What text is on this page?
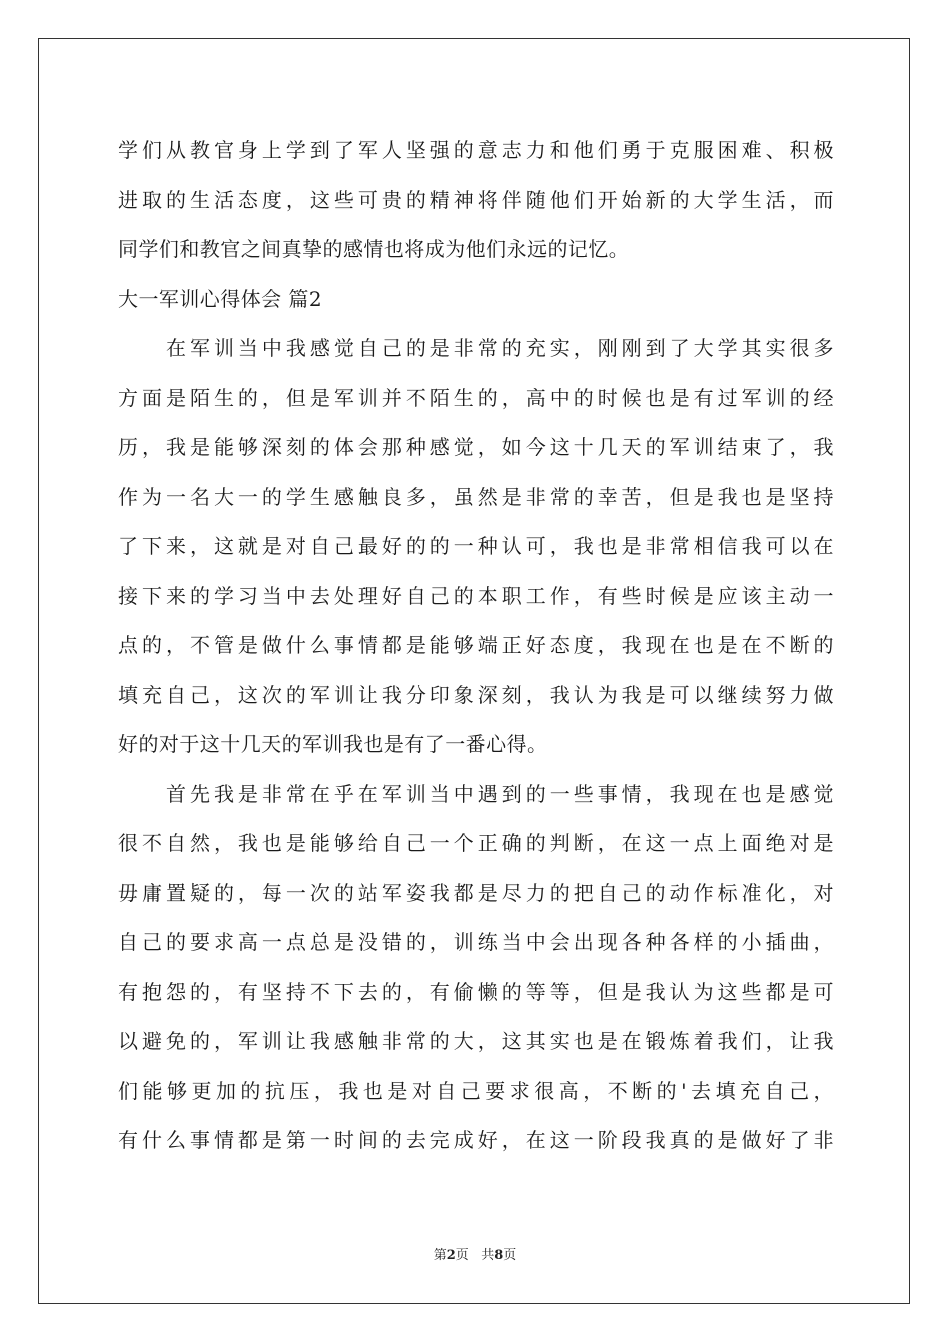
学们从教官身上学到了军人坚强的意志力和他们勇于克服困难、积极
进取的生活态度，这些可贵的精神将伴随他们开始新的大学生活，而
同学们和教官之间真挚的感情也将成为他们永远的记忆。
大一军训心得体会 篇2
　　在军训当中我感觉自己的是非常的充实，刚刚到了大学其实很多
方面是陌生的，但是军训并不陌生的，高中的时候也是有过军训的经
历，我是能够深刻的体会那种感觉，如今这十几天的军训结束了，我
作为一名大一的学生感触良多，虽然是非常的幸苦，但是我也是坚持
了下来，这就是对自己最好的的一种认可，我也是非常相信我可以在
接下来的学习当中去处理好自己的本职工作，有些时候是应该主动一
点的，不管是做什么事情都是能够端正好态度，我现在也是在不断的
填充自己，这次的军训让我分印象深刻，我认为我是可以继续努力做
好的对于这十几天的军训我也是有了一番心得。
　　首先我是非常在乎在军训当中遇到的一些事情，我现在也是感觉
很不自然，我也是能够给自己一个正确的判断，在这一点上面绝对是
毋庸置疑的，每一次的站军姿我都是尽力的把自己的动作标准化，对
自己的要求高一点总是没错的，训练当中会出现各种各样的小插曲，
有抱怨的，有坚持不下去的，有偷懒的等等，但是我认为这些都是可
以避免的，军训让我感触非常的大，这其实也是在锻炼着我们，让我
们能够更加的抗压，我也是对自己要求很高，不断的'去填充自己，
有什么事情都是第一时间的去完成好，在这一阶段我真的是做好了非
第2页 共8页
